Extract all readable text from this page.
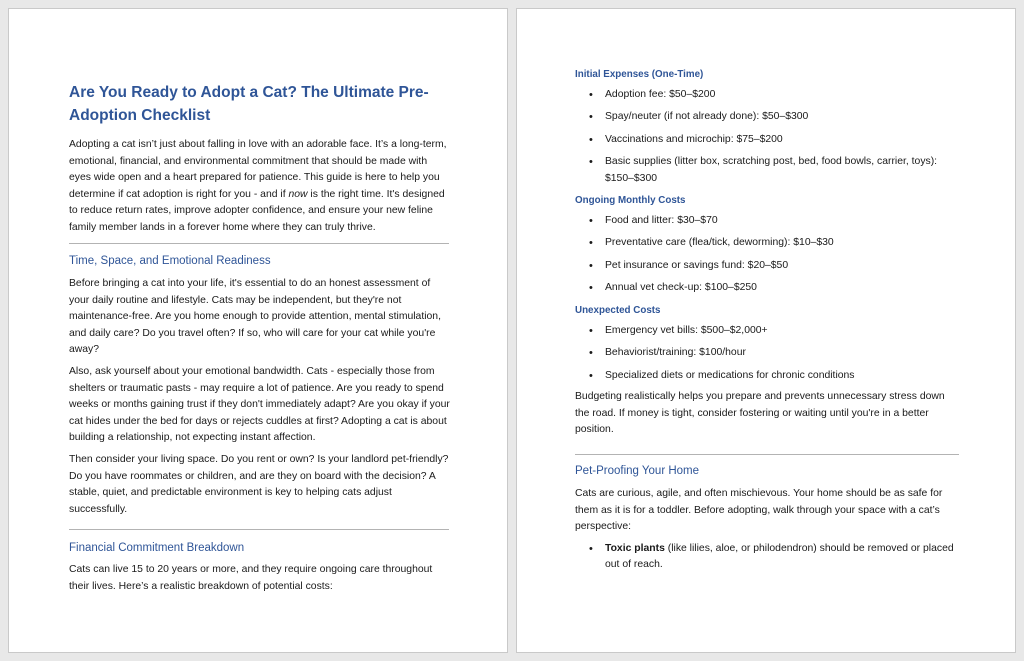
Are You Ready to Adopt a Cat? The Ultimate Pre-Adoption Checklist

Adopting a cat isn’t just about falling in love with an adorable face. It’s a long-term, emotional, financial, and environmental commitment that should be made with eyes wide open and a heart prepared for patience. This guide is here to help you determine if cat adoption is right for you - and if now is the right time. It's designed to reduce return rates, improve adopter confidence, and ensure your new feline family member lands in a forever home where they can truly thrive.

Time, Space, and Emotional Readiness

Before bringing a cat into your life, it's essential to do an honest assessment of your daily routine and lifestyle. Cats may be independent, but they're not maintenance-free. Are you home enough to provide attention, mental stimulation, and daily care? Do you travel often? If so, who will care for your cat while you're away?

Also, ask yourself about your emotional bandwidth. Cats - especially those from shelters or traumatic pasts - may require a lot of patience. Are you ready to spend weeks or months gaining trust if they don't immediately adapt? Are you okay if your cat hides under the bed for days or rejects cuddles at first? Adopting a cat is about building a relationship, not expecting instant affection.

Then consider your living space. Do you rent or own? Is your landlord pet-friendly? Do you have roommates or children, and are they on board with the decision? A stable, quiet, and predictable environment is key to helping cats adjust successfully.

Financial Commitment Breakdown

Cats can live 15 to 20 years or more, and they require ongoing care throughout their lives. Here’s a realistic breakdown of potential costs:

Initial Expenses (One-Time)
• Adoption fee: $50–$200
• Spay/neuter (if not already done): $50–$300
• Vaccinations and microchip: $75–$200
• Basic supplies (litter box, scratching post, bed, food bowls, carrier, toys): $150–$300
Ongoing Monthly Costs
• Food and litter: $30–$70
• Preventative care (flea/tick, deworming): $10–$30
• Pet insurance or savings fund: $20–$50
• Annual vet check-up: $100–$250
Unexpected Costs
• Emergency vet bills: $500–$2,000+
• Behaviorist/training: $100/hour
• Specialized diets or medications for chronic conditions

Budgeting realistically helps you prepare and prevents unnecessary stress down the road. If money is tight, consider fostering or waiting until you're in a better position.

Pet-Proofing Your Home

Cats are curious, agile, and often mischievous. Your home should be as safe for them as it is for a toddler. Before adopting, walk through your space with a cat’s perspective:

• Toxic plants (like lilies, aloe, or philodendron) should be removed or placed out of reach.
